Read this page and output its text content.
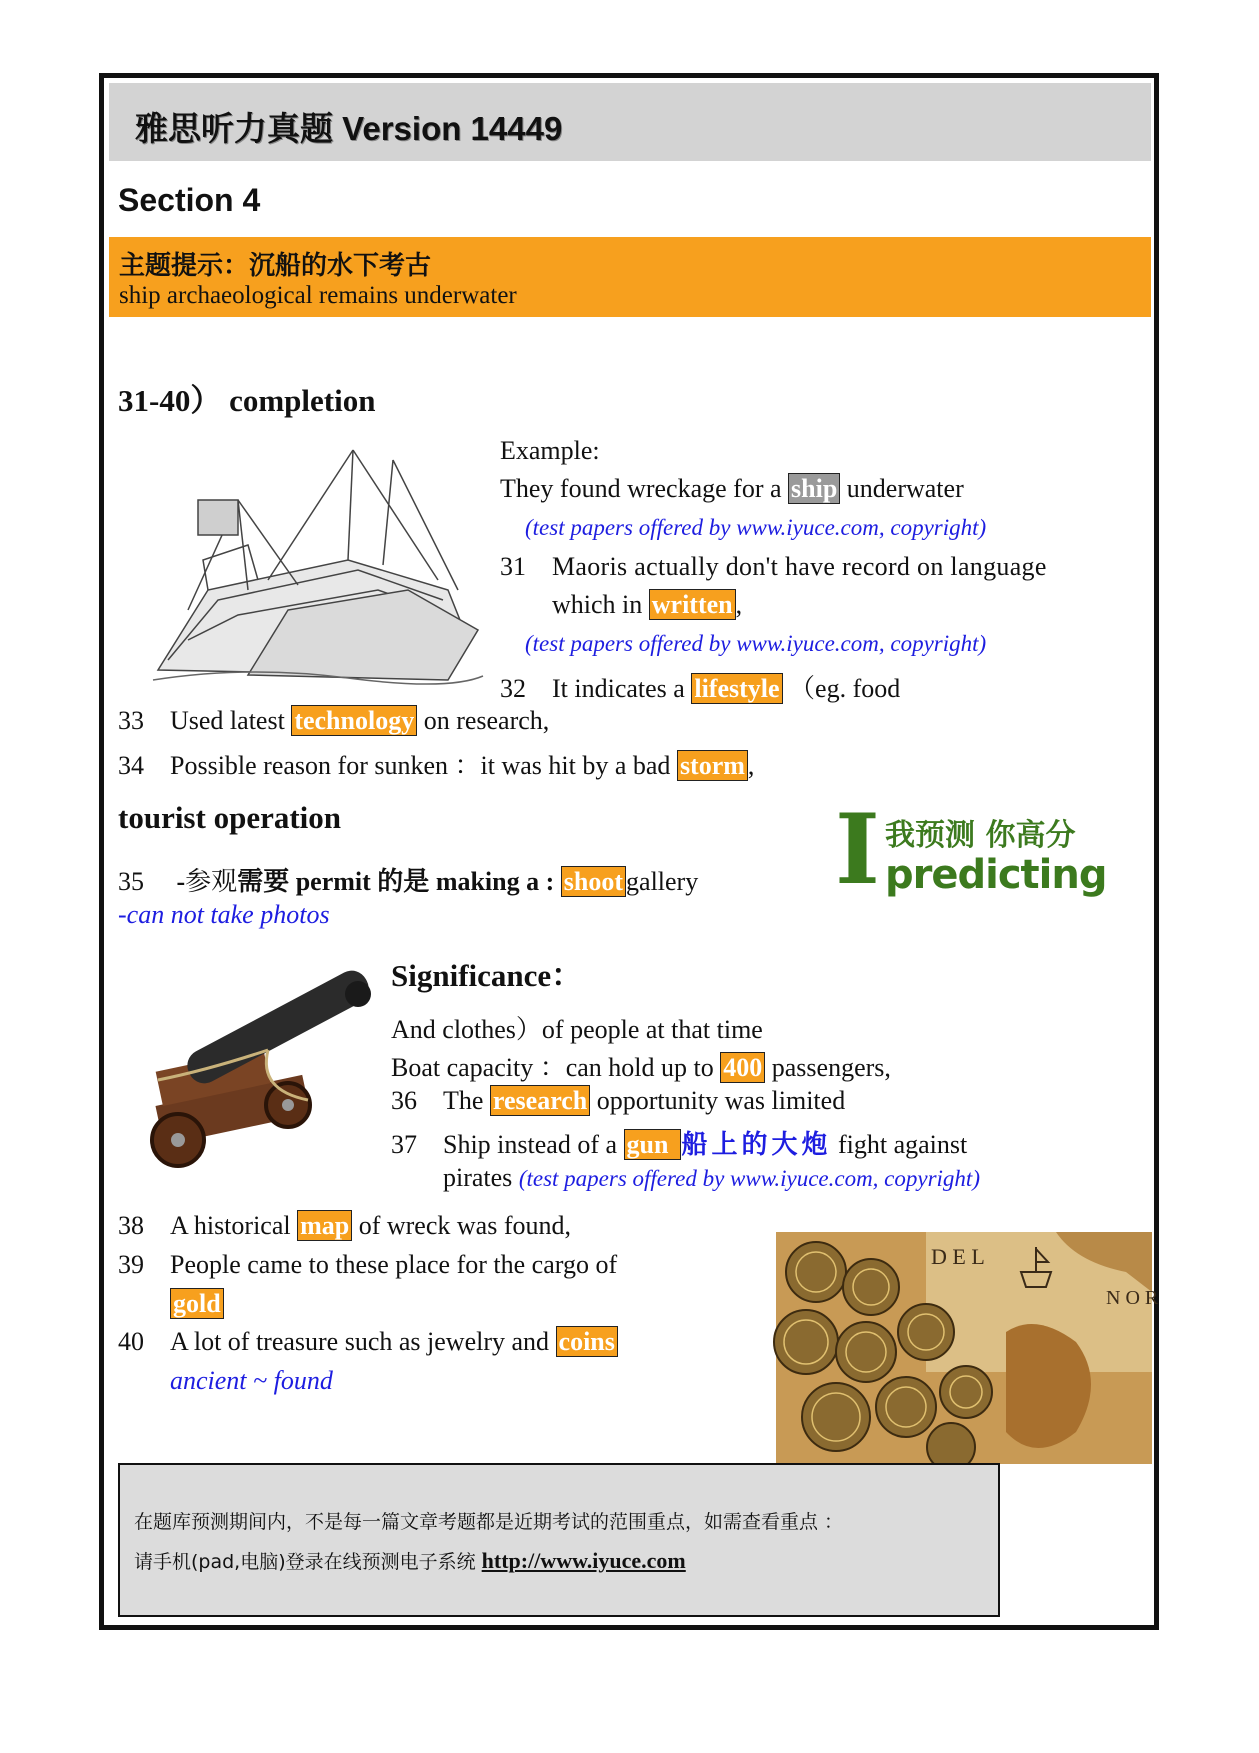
雅思听力真题 Version 14449
Section 4
主题提示：沉船的水下考古
ship archaeological remains underwater
31-40） completion
Example:
They found wreckage for a ship underwater
(test papers offered by www.iyuce.com, copyright)
31 Maoris actually don't have record on language
which in written ,
(test papers offered by www.iyuce.com, copyright)
32 It indicates a lifestyle （eg. food
33 Used latest technology on research,
34 Possible reason for sunken ：it was hit by a bad storm ,
tourist operation
35 -参观需要 permit 的是 making a : shoot gallery
-can not take photos
I 我预测 你高分
predicting
Significance：
And clothes）of people at that time
Boat capacity ：can hold up to 400 passengers,
36 The research opportunity was limited
37 Ship instead of a gun 船上的大炮 fight against
pirates (test papers offered by www.iyuce.com, copyright)
38 A historical map of wreck was found,
39 People came to these place for the cargo of
gold
40 A lot of treasure such as jewelry and coins
ancient ~ found
D E L
N O R
在题库预测期间内，不是每一篇文章考题都是近期考试的范围重点，如需查看重点 ：
请手机(pad,电脑)登录在线预测电子系统 http://www.iyuce.com
